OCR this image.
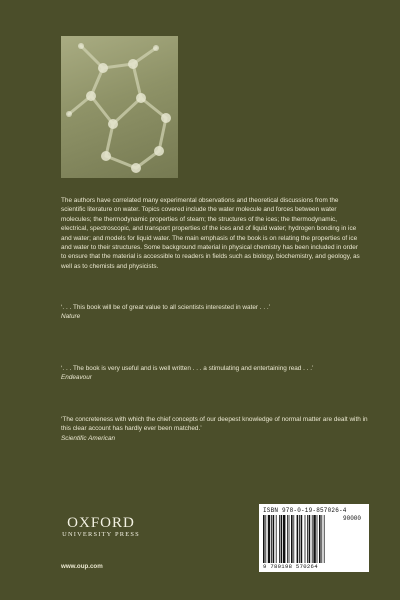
The authors have correlated many experimental observations and theoretical discussions from the scientific literature on water. Topics covered include the water molecule and forces between water molecules; the thermodynamic properties of steam; the structures of the ices; the thermodynamic, electrical, spectroscopic, and transport properties of the ices and of liquid water; hydrogen bonding in ice and water; and models for liquid water. The main emphasis of the book is on relating the properties of ice and water to their structures. Some background material in physical chemistry has been included in order to ensure that the material is accessible to readers in fields such as biology, biochemistry, and geology, as well as to chemists and physicists.

‘. . . This book will be of great value to all scientists interested in water . . .’
Nature
‘. . . The book is very useful and is well written . . . a stimulating and entertaining read . . .’
Endeavour
‘The concreteness with which the chief concepts of our deepest knowledge of normal matter are dealt with in this clear account has hardly ever been matched.’
Scientific American
OXFORD
UNIVERSITY PRESS
www.oup.com
ISBN 978-0-19-857026-4
90000
9 780198 570264
